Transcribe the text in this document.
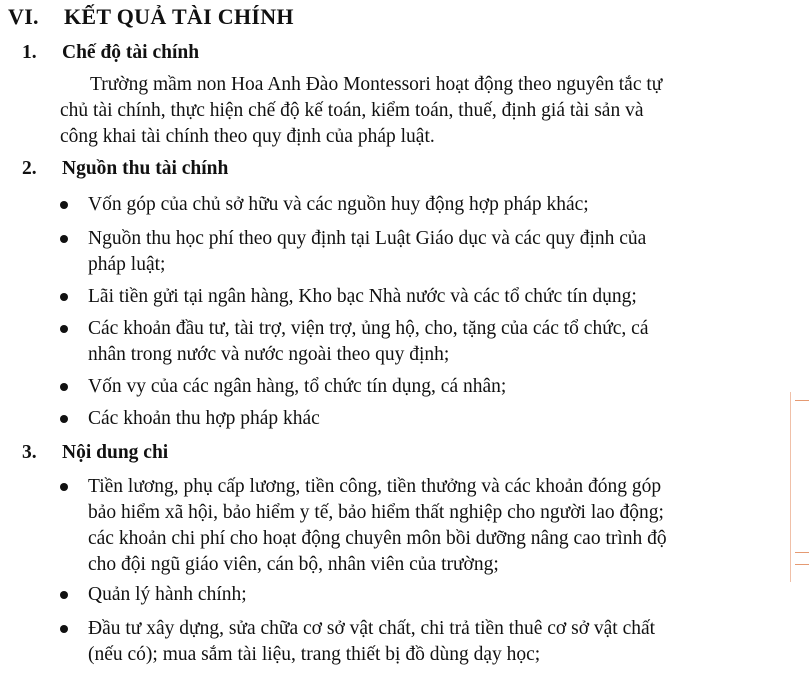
VI. KẾT QUẢ TÀI CHÍNH
1. Chế độ tài chính
Trường mầm non Hoa Anh Đào Montessori hoạt động theo nguyên tắc tự
chủ tài chính, thực hiện chế độ kế toán, kiểm toán, thuế, định giá tài sản và
công khai tài chính theo quy định của pháp luật.
2. Nguồn thu tài chính
Vốn góp của chủ sở hữu và các nguồn huy động hợp pháp khác;
Nguồn thu học phí theo quy định tại Luật Giáo dục và các quy định của
pháp luật;
Lãi tiền gửi tại ngân hàng, Kho bạc Nhà nước và các tổ chức tín dụng;
Các khoản đầu tư, tài trợ, viện trợ, ủng hộ, cho, tặng của các tổ chức, cá
nhân trong nước và nước ngoài theo quy định;
Vốn vy của các ngân hàng, tổ chức tín dụng, cá nhân;
Các khoản thu hợp pháp khác
3. Nội dung chi
Tiền lương, phụ cấp lương, tiền công, tiền thưởng và các khoản đóng góp
bảo hiểm xã hội, bảo hiểm y tế, bảo hiểm thất nghiệp cho người lao động;
các khoản chi phí cho hoạt động chuyên môn bồi dưỡng nâng cao trình độ
cho đội ngũ giáo viên, cán bộ, nhân viên của trường;
Quản lý hành chính;
Đầu tư xây dựng, sửa chữa cơ sở vật chất, chi trả tiền thuê cơ sở vật chất
(nếu có); mua sắm tài liệu, trang thiết bị đồ dùng dạy học;
